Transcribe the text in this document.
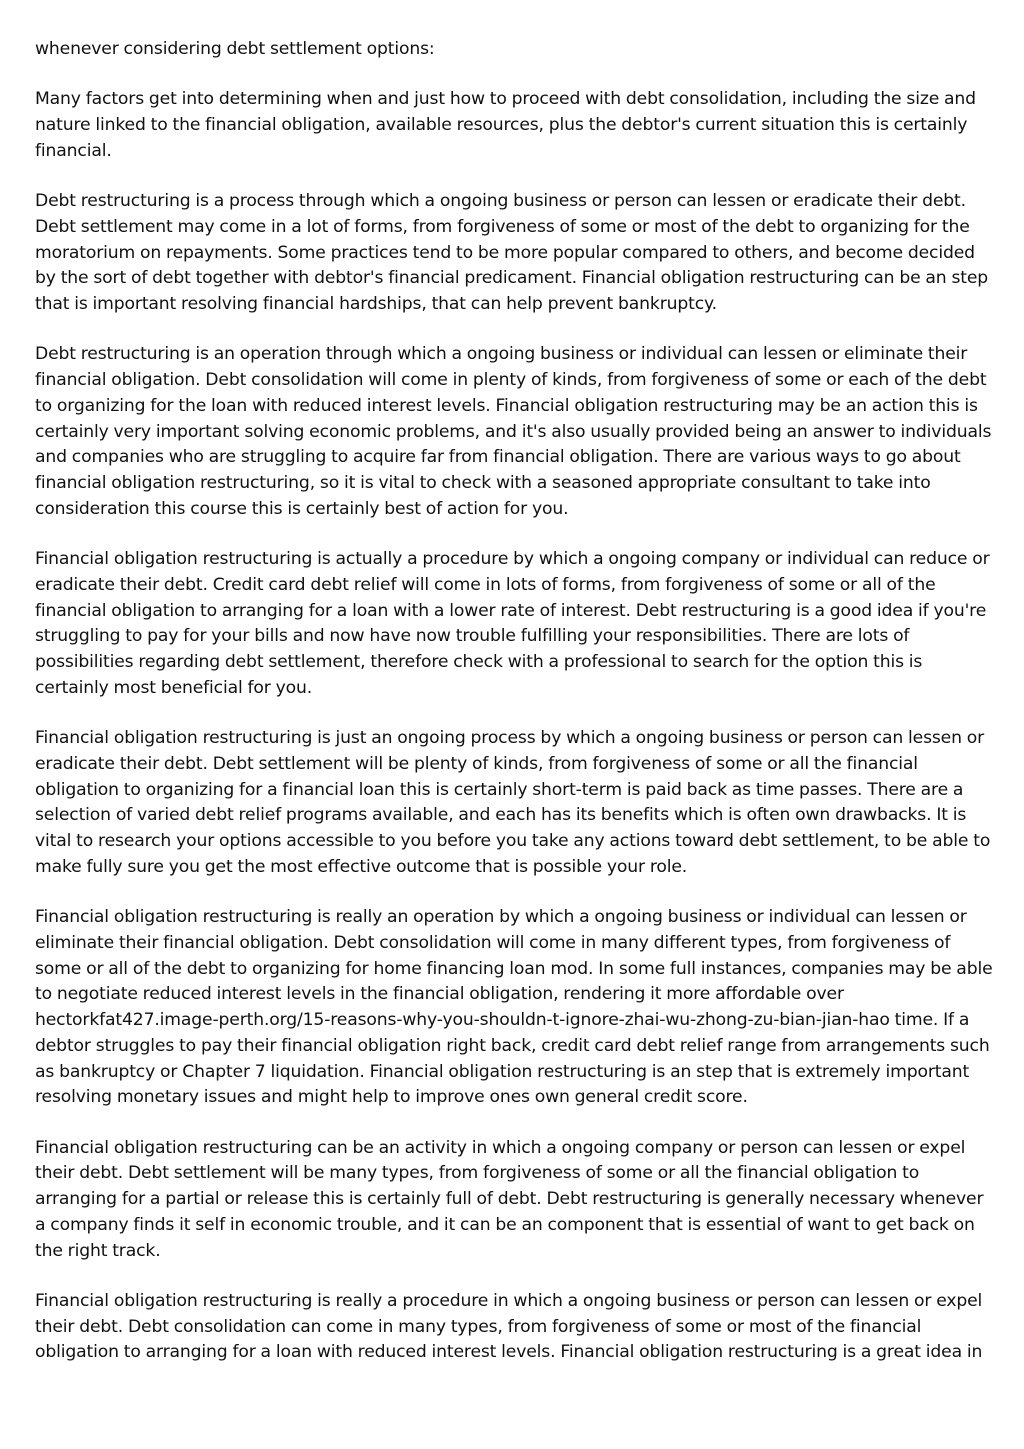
whenever considering debt settlement options:

Many factors get into determining when and just how to proceed with debt consolidation, including the size and nature linked to the financial obligation, available resources, plus the debtor's current situation this is certainly financial.

Debt restructuring is a process through which a ongoing business or person can lessen or eradicate their debt. Debt settlement may come in a lot of forms, from forgiveness of some or most of the debt to organizing for the moratorium on repayments. Some practices tend to be more popular compared to others, and become decided by the sort of debt together with debtor's financial predicament. Financial obligation restructuring can be an step that is important resolving financial hardships, that can help prevent bankruptcy.

Debt restructuring is an operation through which a ongoing business or individual can lessen or eliminate their financial obligation. Debt consolidation will come in plenty of kinds, from forgiveness of some or each of the debt to organizing for the loan with reduced interest levels. Financial obligation restructuring may be an action this is certainly very important solving economic problems, and it's also usually provided being an answer to individuals and companies who are struggling to acquire far from financial obligation. There are various ways to go about financial obligation restructuring, so it is vital to check with a seasoned appropriate consultant to take into consideration this course this is certainly best of action for you.

Financial obligation restructuring is actually a procedure by which a ongoing company or individual can reduce or eradicate their debt. Credit card debt relief will come in lots of forms, from forgiveness of some or all of the financial obligation to arranging for a loan with a lower rate of interest. Debt restructuring is a good idea if you're struggling to pay for your bills and now have now trouble fulfilling your responsibilities. There are lots of possibilities regarding debt settlement, therefore check with a professional to search for the option this is certainly most beneficial for you.

Financial obligation restructuring is just an ongoing process by which a ongoing business or person can lessen or eradicate their debt. Debt settlement will be plenty of kinds, from forgiveness of some or all the financial obligation to organizing for a financial loan this is certainly short-term is paid back as time passes. There are a selection of varied debt relief programs available, and each has its benefits which is often own drawbacks. It is vital to research your options accessible to you before you take any actions toward debt settlement, to be able to make fully sure you get the most effective outcome that is possible your role.

Financial obligation restructuring is really an operation by which a ongoing business or individual can lessen or eliminate their financial obligation. Debt consolidation will come in many different types, from forgiveness of some or all of the debt to organizing for home financing loan mod. In some full instances, companies may be able to negotiate reduced interest levels in the financial obligation, rendering it more affordable over hectorkfat427.image-perth.org/15-reasons-why-you-shouldn-t-ignore-zhai-wu-zhong-zu-bian-jian-hao time. If a debtor struggles to pay their financial obligation right back, credit card debt relief range from arrangements such as bankruptcy or Chapter 7 liquidation. Financial obligation restructuring is an step that is extremely important resolving monetary issues and might help to improve ones own general credit score.

Financial obligation restructuring can be an activity in which a ongoing company or person can lessen or expel their debt. Debt settlement will be many types, from forgiveness of some or all the financial obligation to arranging for a partial or release this is certainly full of debt. Debt restructuring is generally necessary whenever a company finds it self in economic trouble, and it can be an component that is essential of want to get back on the right track.

Financial obligation restructuring is really a procedure in which a ongoing business or person can lessen or expel their debt. Debt consolidation can come in many types, from forgiveness of some or most of the financial obligation to arranging for a loan with reduced interest levels. Financial obligation restructuring is a great idea in
